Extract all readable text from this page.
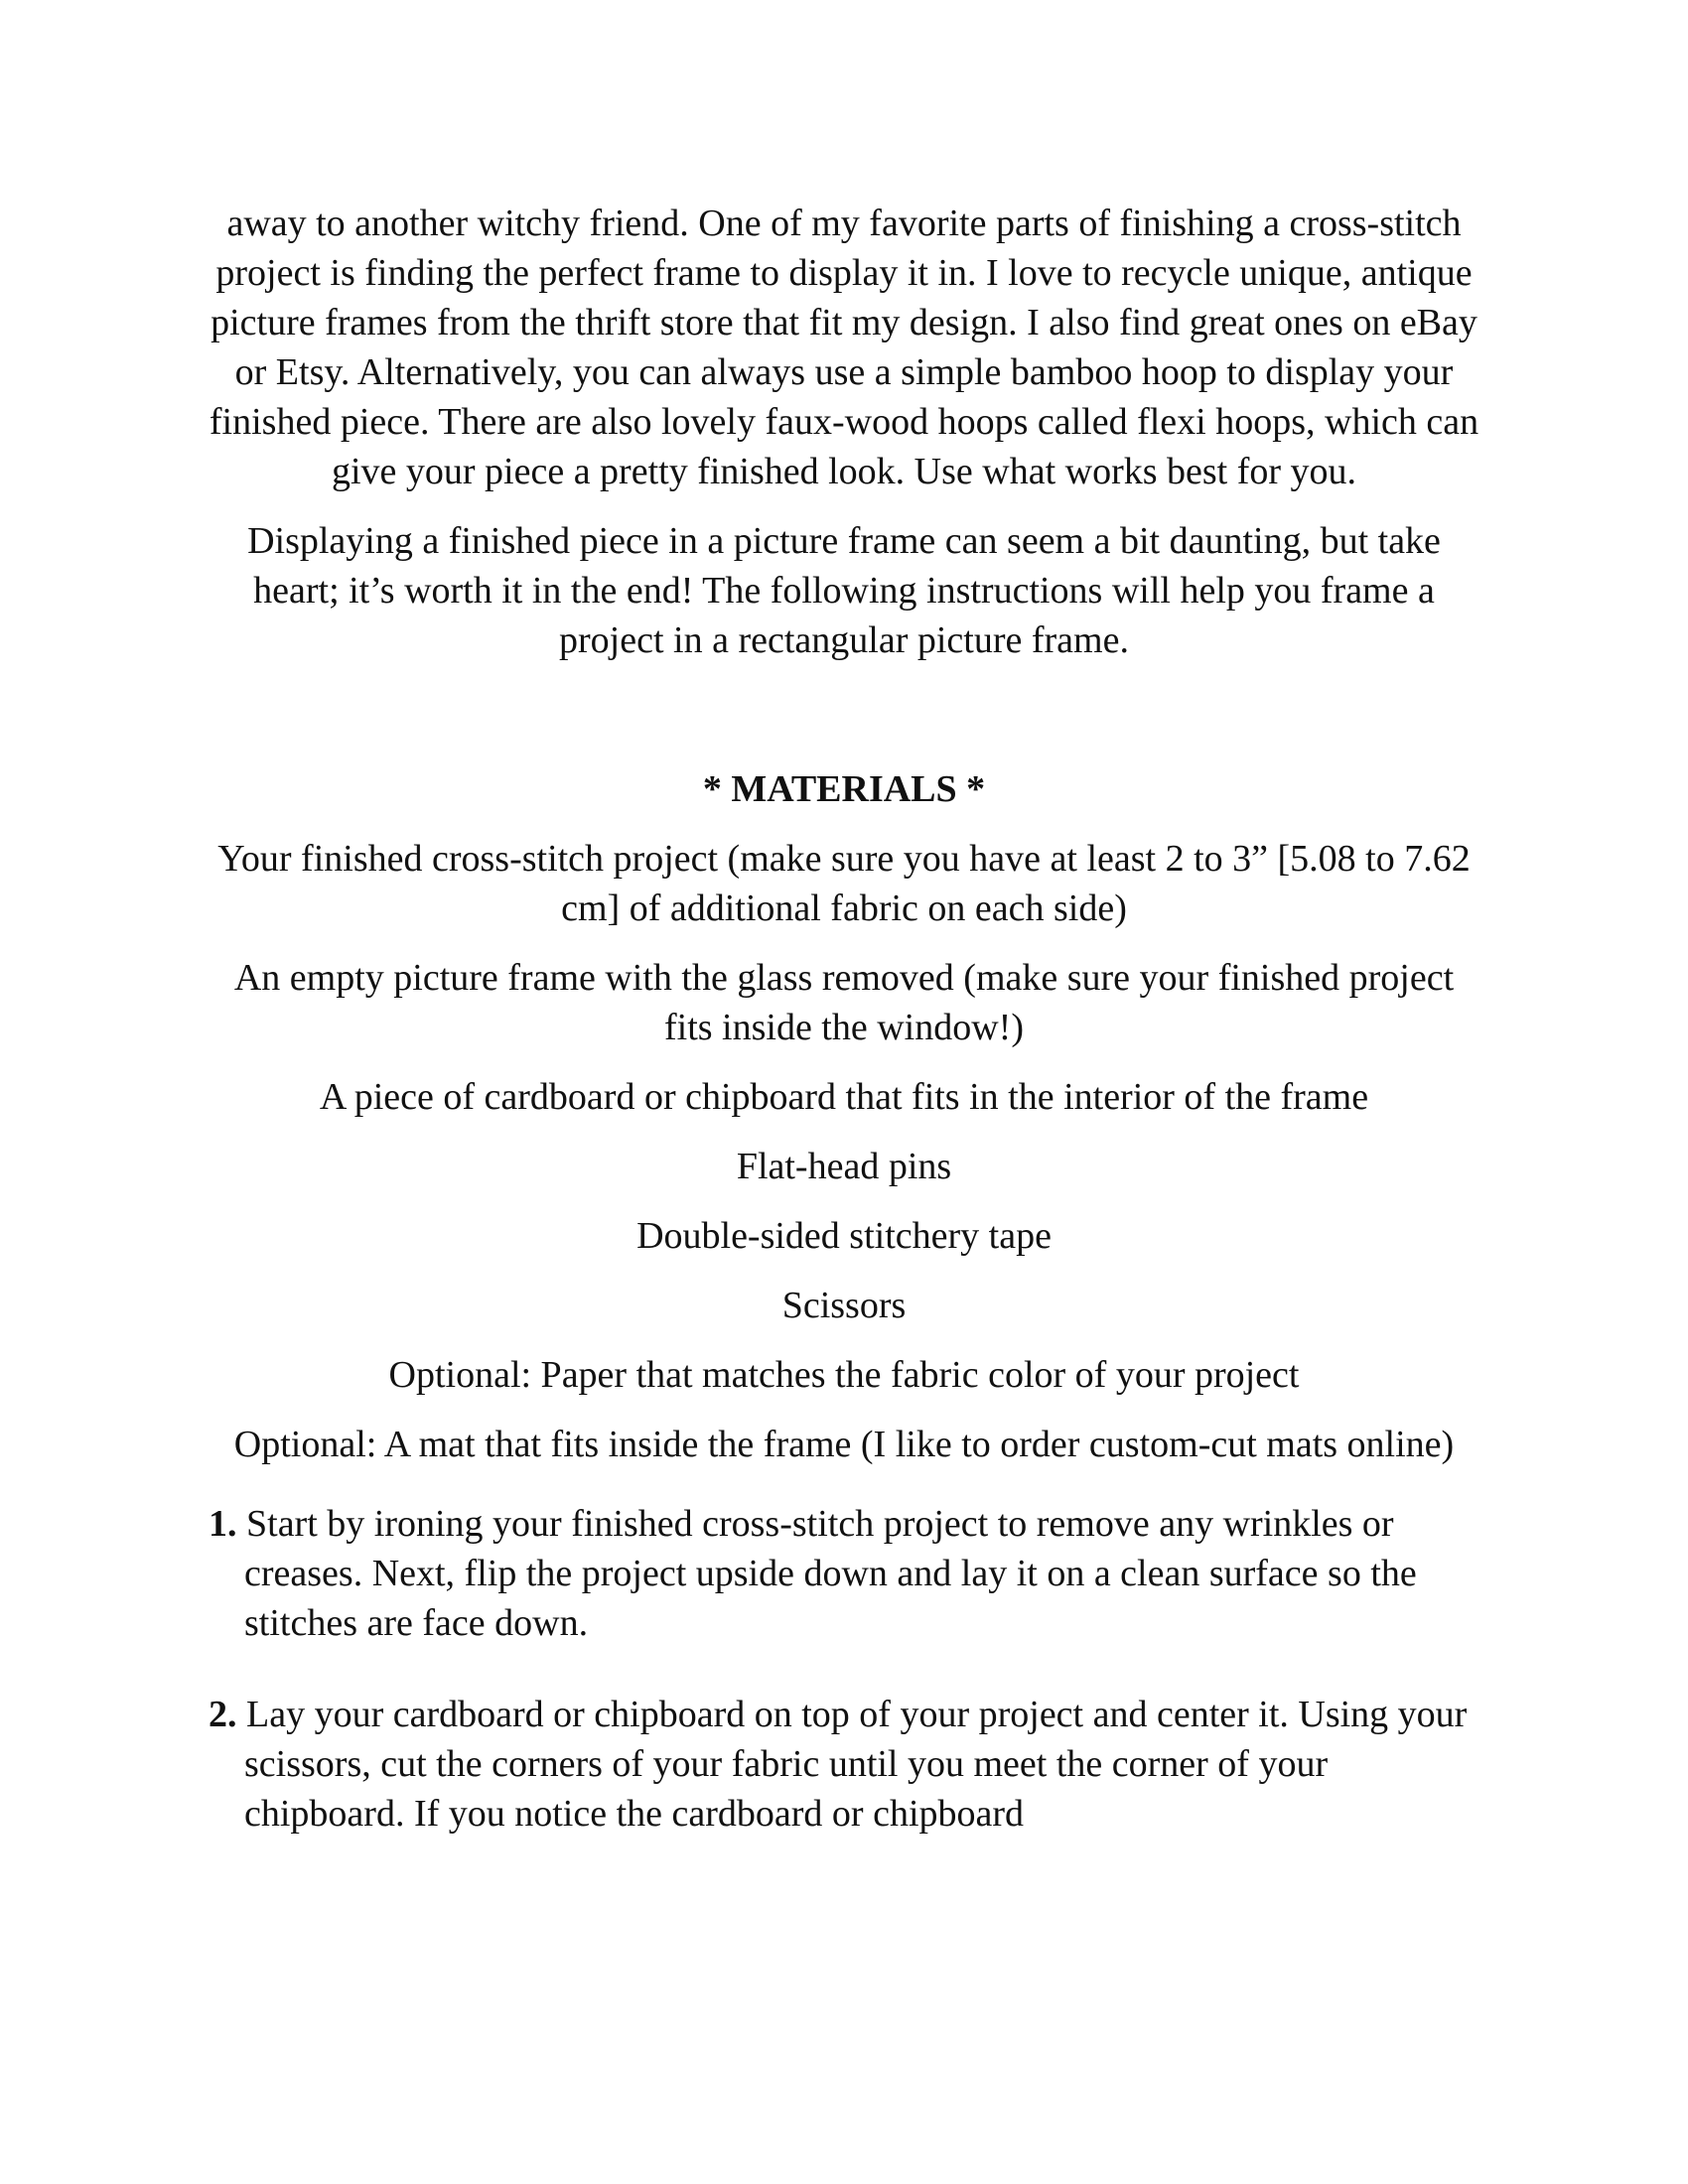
away to another witchy friend. One of my favorite parts of finishing a cross-stitch project is finding the perfect frame to display it in. I love to recycle unique, antique picture frames from the thrift store that fit my design. I also find great ones on eBay or Etsy. Alternatively, you can always use a simple bamboo hoop to display your finished piece. There are also lovely faux-wood hoops called flexi hoops, which can give your piece a pretty finished look. Use what works best for you.

Displaying a finished piece in a picture frame can seem a bit daunting, but take heart; it’s worth it in the end! The following instructions will help you frame a project in a rectangular picture frame.

* MATERIALS *

Your finished cross-stitch project (make sure you have at least 2 to 3” [5.08 to 7.62 cm] of additional fabric on each side)

An empty picture frame with the glass removed (make sure your finished project fits inside the window!)

A piece of cardboard or chipboard that fits in the interior of the frame

Flat-head pins

Double-sided stitchery tape

Scissors

Optional: Paper that matches the fabric color of your project

Optional: A mat that fits inside the frame (I like to order custom-cut mats online)

1. Start by ironing your finished cross-stitch project to remove any wrinkles or creases. Next, flip the project upside down and lay it on a clean surface so the stitches are face down.

2. Lay your cardboard or chipboard on top of your project and center it. Using your scissors, cut the corners of your fabric until you meet the corner of your chipboard. If you notice the cardboard or chipboard
